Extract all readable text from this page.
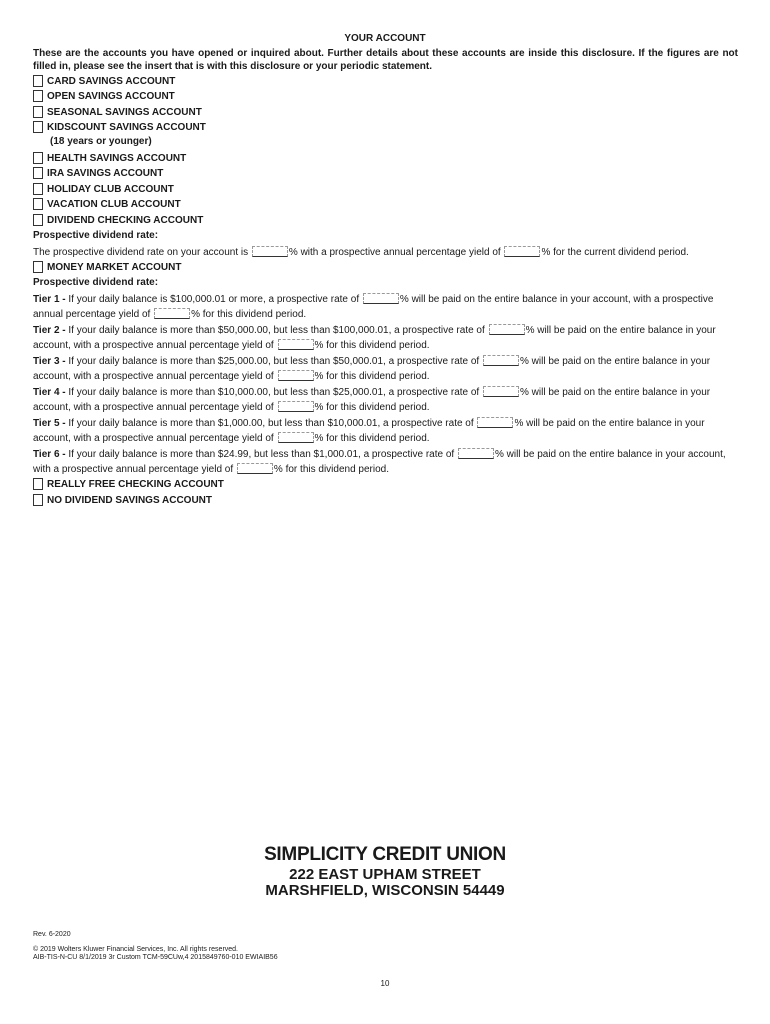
YOUR ACCOUNT
These are the accounts you have opened or inquired about. Further details about these accounts are inside this disclosure. If the figures are not filled in, please see the insert that is with this disclosure or your periodic statement.
CARD SAVINGS ACCOUNT
OPEN SAVINGS ACCOUNT
SEASONAL SAVINGS ACCOUNT
KIDSCOUNT SAVINGS ACCOUNT
(18 years or younger)
HEALTH SAVINGS ACCOUNT
IRA SAVINGS ACCOUNT
HOLIDAY CLUB ACCOUNT
VACATION CLUB ACCOUNT
DIVIDEND CHECKING ACCOUNT
Prospective dividend rate:
The prospective dividend rate on your account is	% with a prospective annual percentage yield of	% for the current dividend period.
MONEY MARKET ACCOUNT
Prospective dividend rate:
Tier 1 - If your daily balance is $100,000.01 or more, a prospective rate of	% will be paid on the entire balance in your account, with a prospective
annual percentage yield of	% for this dividend period.
Tier 2 - If your daily balance is more than $50,000.00, but less than $100,000.01, a prospective rate of	% will be paid on the entire balance in your
account, with a prospective annual percentage yield of	% for this dividend period.
Tier 3 - If your daily balance is more than $25,000.00, but less than $50,000.01, a prospective rate of	% will be paid on the entire balance in your
account, with a prospective annual percentage yield of	% for this dividend period.
Tier 4 - If your daily balance is more than $10,000.00, but less than $25,000.01, a prospective rate of	% will be paid on the entire balance in your
account, with a prospective annual percentage yield of	% for this dividend period.
Tier 5 - If your daily balance is more than $1,000.00, but less than $10,000.01, a prospective rate of	% will be paid on the entire balance in your
account, with a prospective annual percentage yield of	% for this dividend period.
Tier 6 - If your daily balance is more than $24.99, but less than $1,000.01, a prospective rate of	% will be paid on the entire balance in your account,
with a prospective annual percentage yield of	% for this dividend period.
REALLY FREE CHECKING ACCOUNT
NO DIVIDEND SAVINGS ACCOUNT
SIMPLICITY CREDIT UNION
222 EAST UPHAM STREET
MARSHFIELD, WISCONSIN 54449
Rev. 6-2020
© 2019 Wolters Kluwer Financial Services, Inc. All rights reserved.
AIB-TIS-N-CU 8/1/2019 3r Custom TCM-59CUw,4 2015849760-010 EWIAIB56
10
